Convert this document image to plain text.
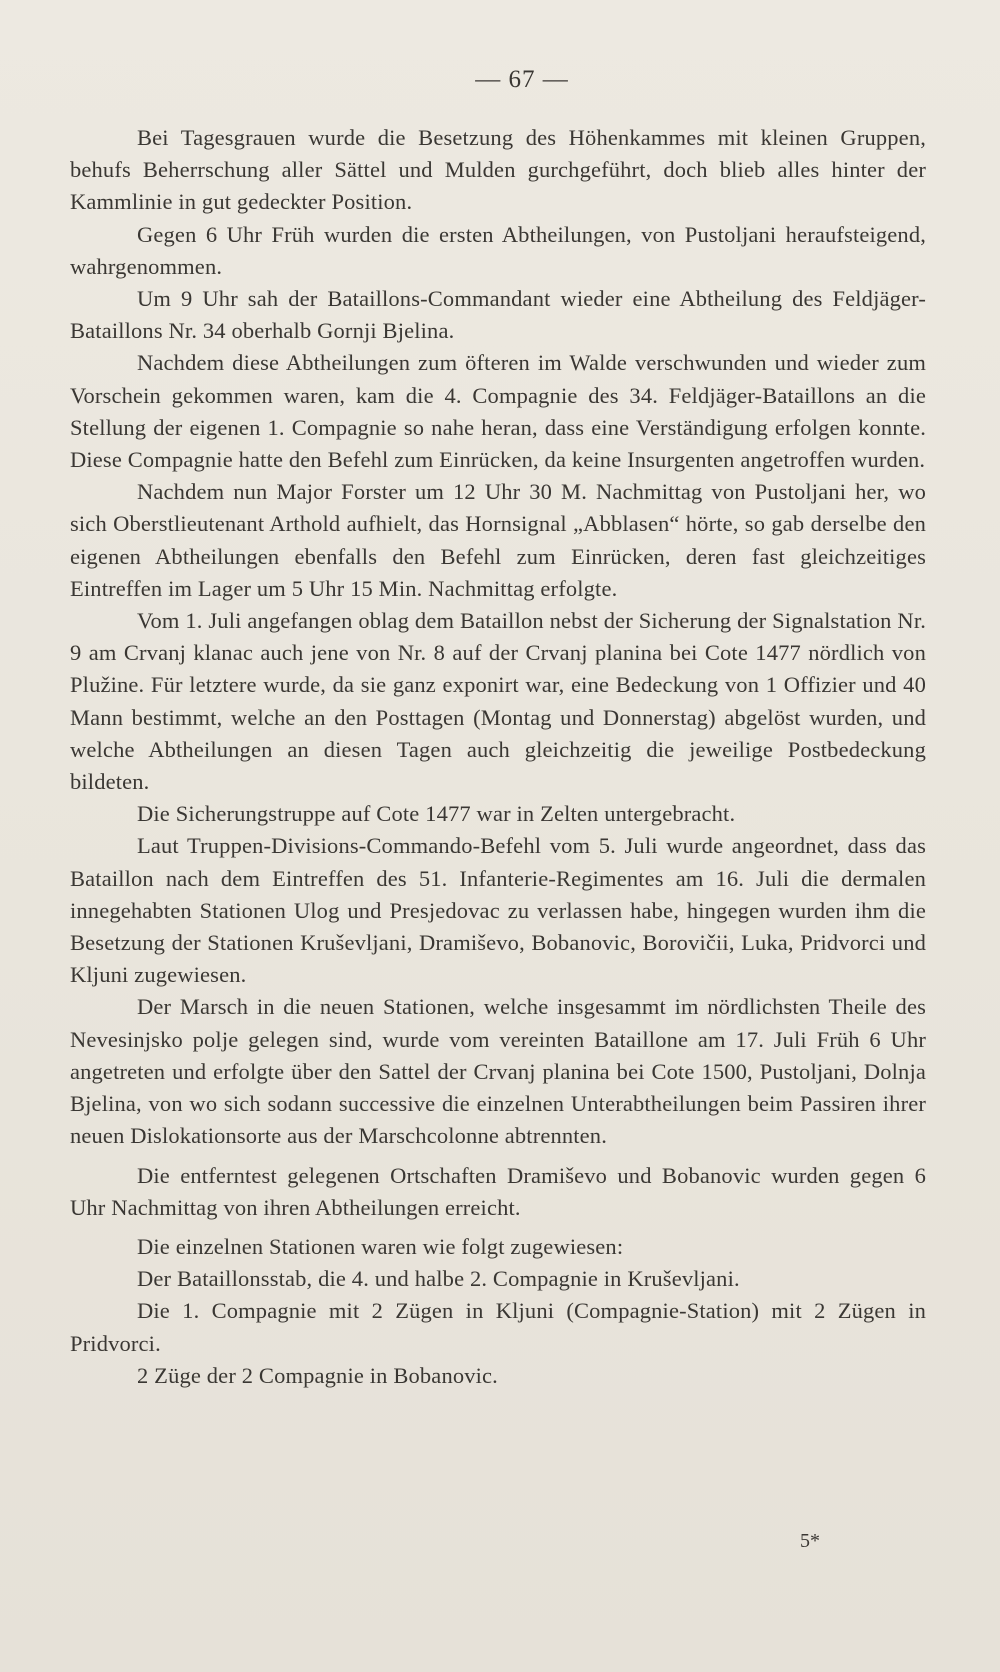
— 67 —

Bei Tagesgrauen wurde die Besetzung des Höhenkammes mit kleinen Gruppen, behufs Beherrschung aller Sättel und Mulden gurchgeführt, doch blieb alles hinter der Kammlinie in gut gedeckter Position.

Gegen 6 Uhr Früh wurden die ersten Abtheilungen, von Pustoljani heraufsteigend, wahrgenommen.

Um 9 Uhr sah der Bataillons-Commandant wieder eine Abtheilung des Feldjäger-Bataillons Nr. 34 oberhalb Gornji Bjelina.

Nachdem diese Abtheilungen zum öfteren im Walde verschwunden und wieder zum Vorschein gekommen waren, kam die 4. Compagnie des 34. Feldjäger-Bataillons an die Stellung der eigenen 1. Compagnie so nahe heran, dass eine Verständigung erfolgen konnte. Diese Compagnie hatte den Befehl zum Einrücken, da keine Insurgenten angetroffen wurden.

Nachdem nun Major Forster um 12 Uhr 30 M. Nachmittag von Pustoljani her, wo sich Oberstlieutenant Arthold aufhielt, das Hornsignal „Abblasen“ hörte, so gab derselbe den eigenen Abtheilungen ebenfalls den Befehl zum Einrücken, deren fast gleichzeitiges Eintreffen im Lager um 5 Uhr 15 Min. Nachmittag erfolgte.

Vom 1. Juli angefangen oblag dem Bataillon nebst der Sicherung der Signalstation Nr. 9 am Crvanj klanac auch jene von Nr. 8 auf der Crvanj planina bei Cote 1477 nördlich von Plužine. Für letztere wurde, da sie ganz exponirt war, eine Bedeckung von 1 Offizier und 40 Mann bestimmt, welche an den Posttagen (Montag und Donnerstag) abgelöst wurden, und welche Abtheilungen an diesen Tagen auch gleichzeitig die jeweilige Postbedeckung bildeten.

Die Sicherungstruppe auf Cote 1477 war in Zelten untergebracht.

Laut Truppen-Divisions-Commando-Befehl vom 5. Juli wurde angeordnet, dass das Bataillon nach dem Eintreffen des 51. Infanterie-Regimentes am 16. Juli die dermalen innegehabten Stationen Ulog und Presjedovac zu verlassen habe, hingegen wurden ihm die Besetzung der Stationen Kruševljani, Dramiševo, Bobanovic, Borovičii, Luka, Pridvorci und Kljuni zugewiesen.

Der Marsch in die neuen Stationen, welche insgesammt im nördlichsten Theile des Nevesinjsko polje gelegen sind, wurde vom vereinten Bataillone am 17. Juli Früh 6 Uhr angetreten und erfolgte über den Sattel der Crvanj planina bei Cote 1500, Pustoljani, Dolnja Bjelina, von wo sich sodann successive die einzelnen Unterabtheilungen beim Passiren ihrer neuen Dislokationsorte aus der Marschcolonne abtrennten.

Die entferntest gelegenen Ortschaften Dramiševo und Bobanovic wurden gegen 6 Uhr Nachmittag von ihren Abtheilungen erreicht.

Die einzelnen Stationen waren wie folgt zugewiesen:

Der Bataillonsstab, die 4. und halbe 2. Compagnie in Kruševljani.

Die 1. Compagnie mit 2 Zügen in Kljuni (Compagnie-Station) mit 2 Zügen in Pridvorci.

2 Züge der 2 Compagnie in Bobanovic.

5*
